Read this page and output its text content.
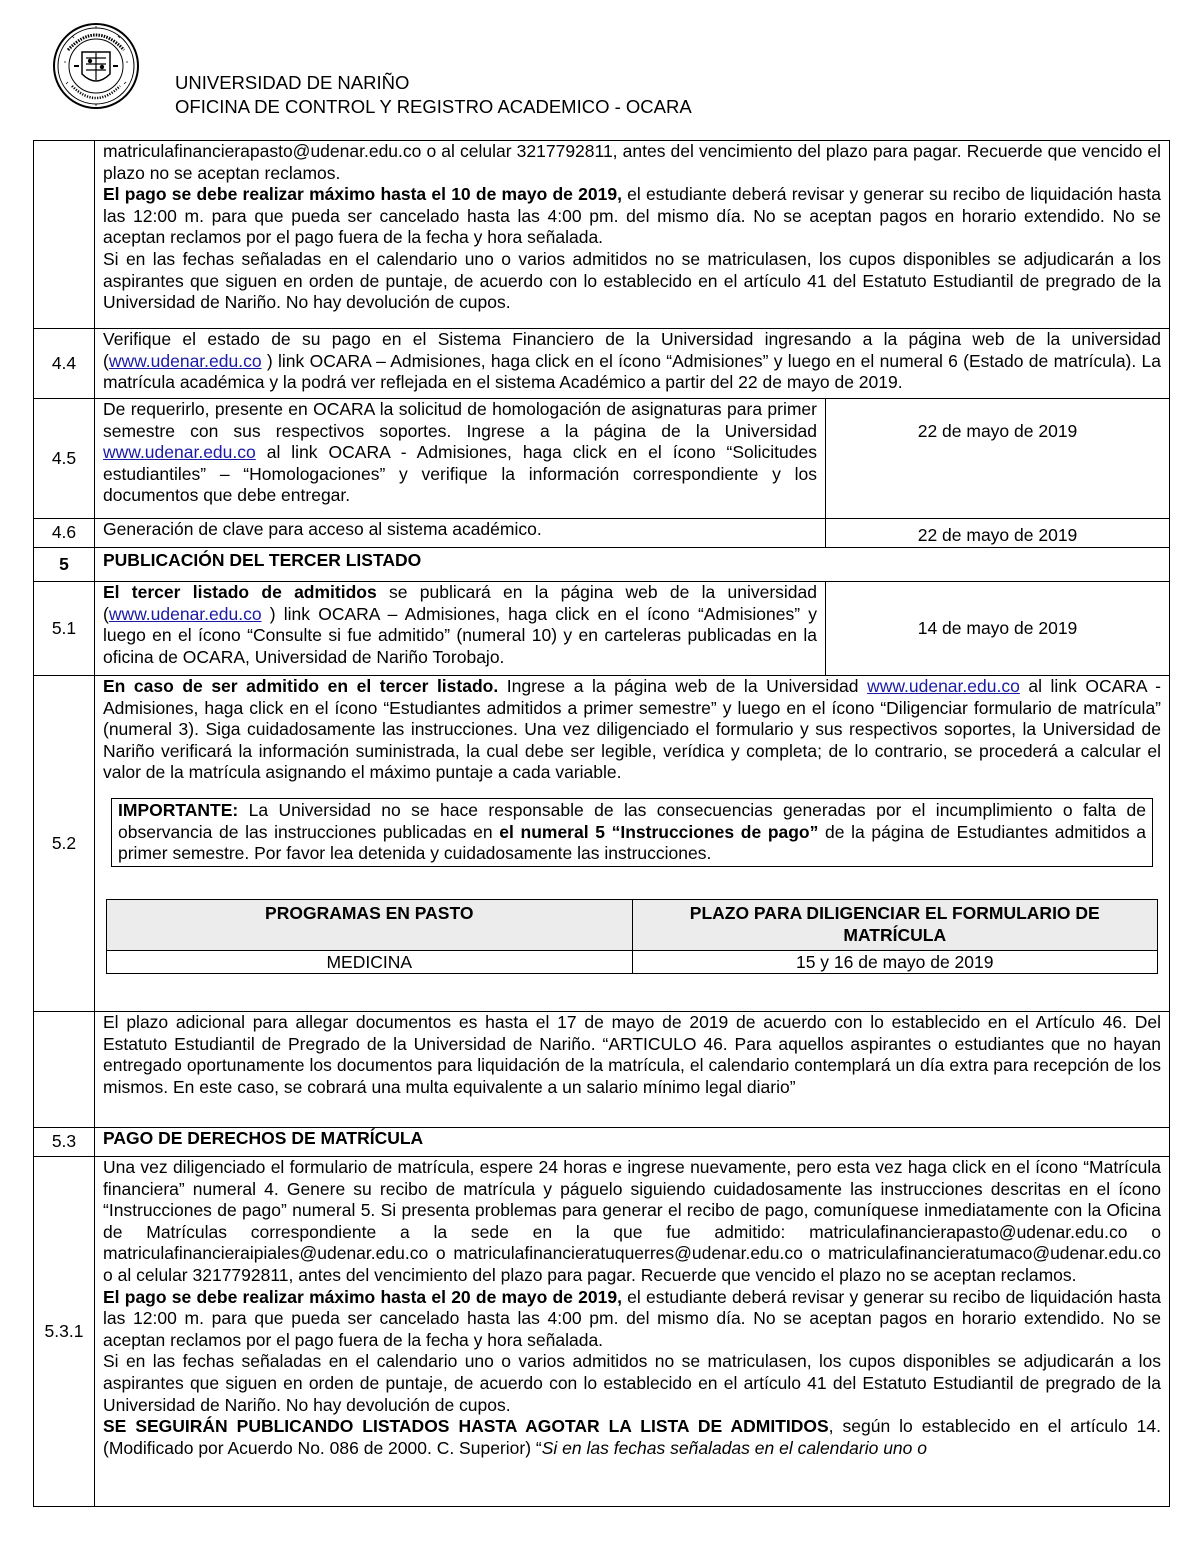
UNIVERSIDAD DE NARIÑO
OFICINA DE CONTROL Y REGISTRO ACADEMICO - OCARA
	matriculafinancierapasto@udenar.edu.co o al celular 3217792811, antes del vencimiento del plazo para pagar. Recuerde que vencido el plazo no se aceptan reclamos.
El pago se debe realizar máximo hasta el 10 de mayo de 2019, el estudiante deberá revisar y generar su recibo de liquidación hasta las 12:00 m. para que pueda ser cancelado hasta las 4:00 pm. del mismo día. No se aceptan pagos en horario extendido. No se aceptan reclamos por el pago fuera de la fecha y hora señalada.
Si en las fechas señaladas en el calendario uno o varios admitidos no se matriculasen, los cupos disponibles se adjudicarán a los aspirantes que siguen en orden de puntaje, de acuerdo con lo establecido en el artículo 41 del Estatuto Estudiantil de pregrado de la Universidad de Nariño. No hay devolución de cupos.
4.4	Verifique el estado de su pago en el Sistema Financiero de la Universidad ingresando a la página web de la universidad (www.udenar.edu.co ) link OCARA – Admisiones, haga click en el ícono “Admisiones” y luego en el numeral 6 (Estado de matrícula). La matrícula académica y la podrá ver reflejada en el sistema Académico a partir del 22 de mayo de 2019.
4.5	De requerirlo, presente en OCARA la solicitud de homologación de asignaturas para primer semestre con sus respectivos soportes. Ingrese a la página de la Universidad www.udenar.edu.co al link OCARA - Admisiones, haga click en el ícono “Solicitudes estudiantiles” – “Homologaciones” y verifique la información correspondiente y los documentos que debe entregar.	22 de mayo de 2019
4.6	Generación de clave para acceso al sistema académico.	22 de mayo de 2019
5	PUBLICACIÓN DEL TERCER LISTADO
5.1	El tercer listado de admitidos se publicará en la página web de la universidad (www.udenar.edu.co ) link OCARA – Admisiones, haga click en el ícono “Admisiones” y luego en el ícono “Consulte si fue admitido” (numeral 10) y en carteleras publicadas en la oficina de OCARA, Universidad de Nariño Torobajo.	14 de mayo de 2019
5.2	En caso de ser admitido en el tercer listado. Ingrese a la página web de la Universidad www.udenar.edu.co al link OCARA - Admisiones, haga click en el ícono “Estudiantes admitidos a primer semestre” y luego en el ícono “Diligenciar formulario de matrícula” (numeral 3). Siga cuidadosamente las instrucciones. Una vez diligenciado el formulario y sus respectivos soportes, la Universidad de Nariño verificará la información suministrada, la cual debe ser legible, verídica y completa; de lo contrario, se procederá a calcular el valor de la matrícula asignando el máximo puntaje a cada variable.
IMPORTANTE: La Universidad no se hace responsable de las consecuencias generadas por el incumplimiento o falta de observancia de las instrucciones publicadas en el numeral 5 “Instrucciones de pago” de la página de Estudiantes admitidos a primer semestre. Por favor lea detenida y cuidadosamente las instrucciones.
PROGRAMAS EN PASTO	PLAZO PARA DILIGENCIAR EL FORMULARIO DE MATRÍCULA
MEDICINA	15 y 16 de mayo de 2019

	El plazo adicional para allegar documentos es hasta el 17 de mayo de 2019 de acuerdo con lo establecido en el Artículo 46. Del Estatuto Estudiantil de Pregrado de la Universidad de Nariño. “ARTICULO 46. Para aquellos aspirantes o estudiantes que no hayan entregado oportunamente los documentos para liquidación de la matrícula, el calendario contemplará un día extra para recepción de los mismos. En este caso, se cobrará una multa equivalente a un salario mínimo legal diario”
5.3	PAGO DE DERECHOS DE MATRÍCULA
5.3.1	Una vez diligenciado el formulario de matrícula, espere 24 horas e ingrese nuevamente, pero esta vez haga click en el ícono “Matrícula financiera” numeral 4. Genere su recibo de matrícula y páguelo siguiendo cuidadosamente las instrucciones descritas en el ícono “Instrucciones de pago” numeral 5. Si presenta problemas para generar el recibo de pago, comuníquese inmediatamente con la Oficina de Matrículas correspondiente a la sede en la que fue admitido: matriculafinancierapasto@udenar.edu.co o matriculafinancieraipiales@udenar.edu.co o matriculafinancieratuquerres@udenar.edu.co o matriculafinancieratumaco@udenar.edu.co o al celular 3217792811, antes del vencimiento del plazo para pagar. Recuerde que vencido el plazo no se aceptan reclamos.
El pago se debe realizar máximo hasta el 20 de mayo de 2019, el estudiante deberá revisar y generar su recibo de liquidación hasta las 12:00 m. para que pueda ser cancelado hasta las 4:00 pm. del mismo día. No se aceptan pagos en horario extendido. No se aceptan reclamos por el pago fuera de la fecha y hora señalada.
Si en las fechas señaladas en el calendario uno o varios admitidos no se matriculasen, los cupos disponibles se adjudicarán a los aspirantes que siguen en orden de puntaje, de acuerdo con lo establecido en el artículo 41 del Estatuto Estudiantil de pregrado de la Universidad de Nariño. No hay devolución de cupos.
SE SEGUIRÁN PUBLICANDO LISTADOS HASTA AGOTAR LA LISTA DE ADMITIDOS, según lo establecido en el artículo 14. (Modificado por Acuerdo No. 086 de 2000. C. Superior) “Si en las fechas señaladas en el calendario uno o
